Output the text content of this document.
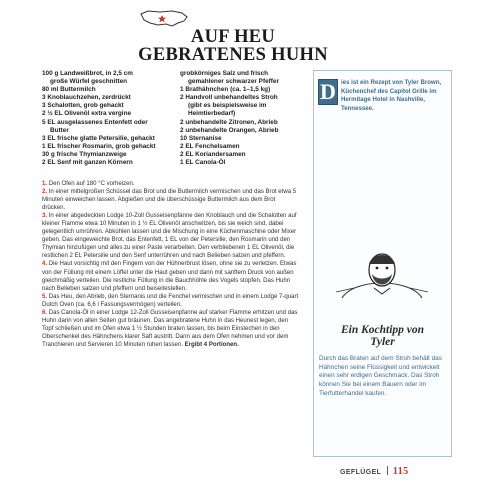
AUF HEU
GEBRATENES HUHN
100 g Landweißbrot, in 2,5 cm
große Würfel geschnitten
80 ml Buttermilch
3 Knoblauchzehen, zerdrückt
3 Schalotten, grob gehackt
2 ½ EL Olivenöl extra vergine
5 EL ausgelassenes Entenfett oder
Butter
3 EL frische glatte Petersilie, gehackt
1 EL frischer Rosmarin, grob gehackt
30 g frische Thymianzweige
2 EL Senf mit ganzen Körnern
grobkörniges Salz und frisch
gemahlener schwarzer Pfeffer
1 Brathähnchen (ca. 1–1,5 kg)
2 Handvoll unbehandeltes Stroh
(gibt es beispielsweise im
Heimtierbedarf)
2 unbehandelte Zitronen, Abrieb
2 unbehandelte Orangen, Abrieb
10 Sternanise
2 EL Fenchelsamen
2 EL Koriandersamen
1 EL Canola-Öl

1. Den Ofen auf 180 °C vorheizen.

2. In einer mittelgroßen Schüssel das Brot und die Buttermilch vermischen und das Brot etwa 5 Minuten einweichen lassen. Abgießen und die überschüssige Buttermilch aus dem Brot drücken.

3. In einer abgedeckten Lodge 10-Zoll Gusseisenpfanne den Knoblauch und die Schalotten auf kleiner Flamme etwa 10 Minuten in 1 ½ EL Olivenöl anschwitzen, bis sie weich sind, dabei gelegentlich umrühren. Abkühlen lassen und die Mischung in eine Küchenmaschine oder Mixer geben. Das eingeweichte Brot, das Entenfett, 1 EL von der Petersilie, den Rosmarin und den Thymian hinzufügen und alles zu einer Paste verarbeiten. Den verbliebenen 1 EL Olivenöl, die restlichen 2 EL Petersilie und den Senf unterrühren und nach Belieben salzen und pfeffern.

4. Die Haut vorsichtig mit den Fingern von der Hühnerbrust lösen, ohne sie zu verletzen. Etwas von der Füllung mit einem Löffel unter die Haut geben und dann mit sanftem Druck von außen gleichmäßig verteilen. Die restliche Füllung in die Bauchhöhle des Vogels stopfen. Das Huhn nach Belieben salzen und pfeffern und beiseitestellen.

5. Das Heu, den Abrieb, den Sternanis und die Fenchel vermischen und in einem Lodge 7-quart Dutch Oven (ca. 6,6 l Fassungsvermögen) verteilen.

6. Das Canola-Öl in einer Lodge 12-Zoll Gusseisenpfanne auf starker Flamme erhitzen und das Huhn darin von allen Seiten gut bräunen. Das angebratene Huhn in das Heunest legen, den Topf schließen und im Ofen etwa 1 ½ Stunden braten lassen, bis beim Einstechen in den Oberschenkel des Hähnchens klarer Saft austritt. Dann aus dem Ofen nehmen und vor dem Tranchieren und Servieren 10 Minuten ruhen lassen. Ergibt 4 Portionen.

D ies ist ein Rezept von Tyler Brown, Küchenchef des Capitol Grille im Hermitage Hotel in Nashville, Tennessee.
Ein Kochtipp von
Tyler
Durch das Braten auf dem Stroh behält das Hähnchen seine Flüssigkeit und entwickelt einen sehr erdigen Geschmack. Das Stroh können Sie bei einem Bauern oder im Tierfutterhandel kaufen.
GEFLÜGEL 115
